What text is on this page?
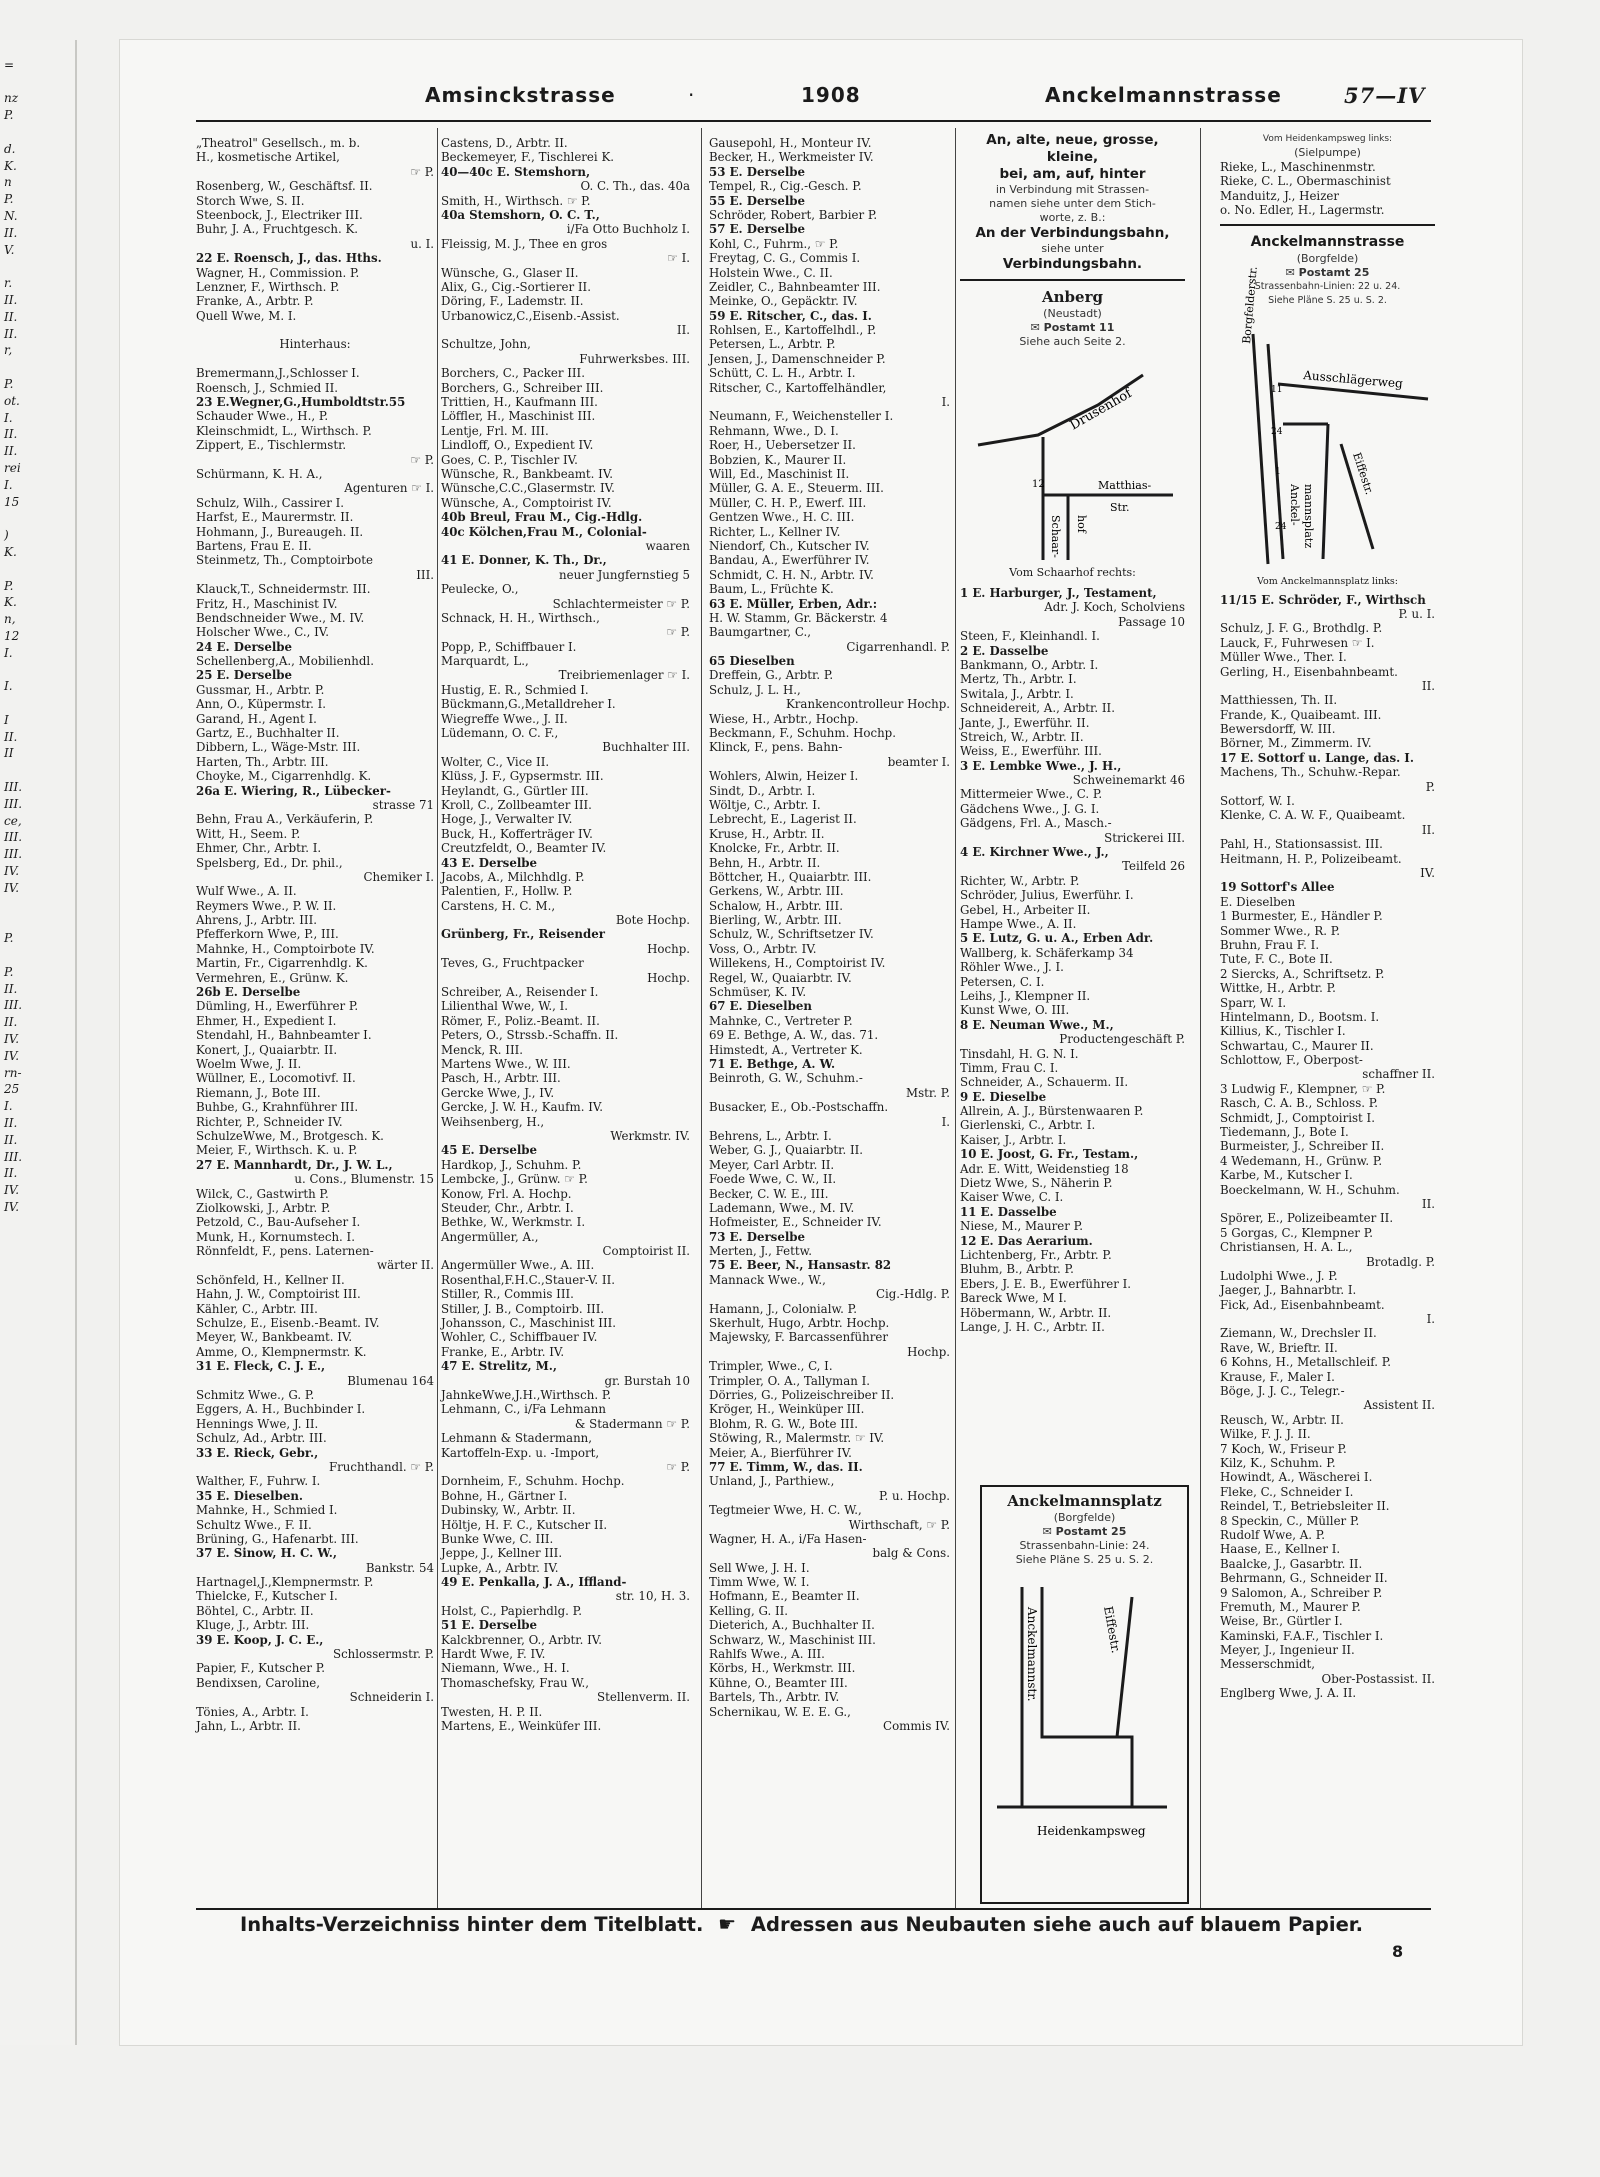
=
nz
P.
d.
K.
n
P.
N.
II.
V.
r.
II.
II.
II.
r,
P.
ot.
I.
II.
II.
rei
I.
15
)
K.
P.
K.
n,
12
I.
I.
I
II.
II
III.
III.
ce,
III.
III.
IV.
IV.
P.
P.
II.
III.
II.
IV.
IV.
rn-
25
I.
II.
II.
III.
II.
IV.
IV.
Amsinckstrasse	·	1908	Anckelmannstrasse	57—IV
„Theatrol" Gesellsch., m. b.
H., kosmetische Artikel,
☞ P.
Rosenberg, W., Geschäftsf. II.
Storch Wwe, S. II.
Steenbock, J., Electriker III.
Buhr, J. A., Fruchtgesch. K.
u. I.
22 E. Roensch, J., das. Hths.
Wagner, H., Commission. P.
Lenzner, F., Wirthsch. P.
Franke, A., Arbtr. P.
Quell Wwe, M. I.
Hinterhaus:
Bremermann,J.,Schlosser I.
Roensch, J., Schmied II.
23 E.Wegner,G.,Humboldtstr.55
Schauder Wwe., H., P.
Kleinschmidt, L., Wirthsch. P.
Zippert, E., Tischlermstr.
☞ P.
Schürmann, K. H. A.,
Agenturen ☞ I.
Schulz, Wilh., Cassirer I.
Harfst, E., Maurermstr. II.
Hohmann, J., Bureaugeh. II.
Bartens, Frau E. II.
Steinmetz, Th., Comptoirbote
III.
Klauck,T., Schneidermstr. III.
Fritz, H., Maschinist IV.
Bendschneider Wwe., M. IV.
Holscher Wwe., C., IV.
24 E. Derselbe
Schellenberg,A., Mobilienhdl.
25 E. Derselbe
Gussmar, H., Arbtr. P.
Ann, O., Küpermstr. I.
Garand, H., Agent I.
Gartz, E., Buchhalter II.
Dibbern, L., Wäge-Mstr. III.
Harten, Th., Arbtr. III.
Choyke, M., Cigarrenhdlg. K.
26a E. Wiering, R., Lübecker-
strasse 71
Behn, Frau A., Verkäuferin, P.
Witt, H., Seem. P.
Ehmer, Chr., Arbtr. I.
Spelsberg, Ed., Dr. phil.,
Chemiker I.
Wulf Wwe., A. II.
Reymers Wwe., P. W. II.
Ahrens, J., Arbtr. III.
Pfefferkorn Wwe, P., III.
Mahnke, H., Comptoirbote IV.
Martin, Fr., Cigarrenhdlg. K.
Vermehren, E., Grünw. K.
26b E. Derselbe
Dümling, H., Ewerführer P.
Ehmer, H., Expedient I.
Stendahl, H., Bahnbeamter I.
Konert, J., Quaiarbtr. II.
Woelm Wwe, J. II.
Wüllner, E., Locomotivf. II.
Riemann, J., Bote III.
Buhbe, G., Krahnführer III.
Richter, P., Schneider IV.
SchulzeWwe, M., Brotgesch. K.
Meier, F., Wirthsch. K. u. P.
27 E. Mannhardt, Dr., J. W. L.,
u. Cons., Blumenstr. 15
Wilck, C., Gastwirth P.
Ziolkowski, J., Arbtr. P.
Petzold, C., Bau-Aufseher I.
Munk, H., Kornumstech. I.
Rönnfeldt, F., pens. Laternen-
wärter II.
Schönfeld, H., Kellner II.
Hahn, J. W., Comptoirist III.
Kähler, C., Arbtr. III.
Schulze, E., Eisenb.-Beamt. IV.
Meyer, W., Bankbeamt. IV.
Amme, O., Klempnermstr. K.
31 E. Fleck, C. J. E.,
Blumenau 164
Schmitz Wwe., G. P.
Eggers, A. H., Buchbinder I.
Hennings Wwe, J. II.
Schulz, Ad., Arbtr. III.
33 E. Rieck, Gebr.,
Fruchthandl. ☞ P.
Walther, F., Fuhrw. I.
35 E. Dieselben.
Mahnke, H., Schmied I.
Schultz Wwe., F. II.
Brüning, G., Hafenarbt. III.
37 E. Sinow, H. C. W.,
Bankstr. 54
Hartnagel,J.,Klempnermstr. P.
Thielcke, F., Kutscher I.
Böhtel, C., Arbtr. II.
Kluge, J., Arbtr. III.
39 E. Koop, J. C. E.,
Schlossermstr. P.
Papier, F., Kutscher P.
Bendixsen, Caroline,
Schneiderin I.
Tönies, A., Arbtr. I.
Jahn, L., Arbtr. II.
Castens, D., Arbtr. II.
Beckemeyer, F., Tischlerei K.
40—40c E. Stemshorn,
O. C. Th., das. 40a
Smith, H., Wirthsch. ☞ P.
40a Stemshorn, O. C. T.,
i/Fa Otto Buchholz I.
Fleissig, M. J., Thee en gros
☞ I.
Wünsche, G., Glaser II.
Alix, G., Cig.-Sortierer II.
Döring, F., Lademstr. II.
Urbanowicz,C.,Eisenb.-Assist.
II.
Schultze, John,
Fuhrwerksbes. III.
Borchers, C., Packer III.
Borchers, G., Schreiber III.
Trittien, H., Kaufmann III.
Löffler, H., Maschinist III.
Lentje, Frl. M. III.
Lindloff, O., Expedient IV.
Goes, C. P., Tischler IV.
Wünsche, R., Bankbeamt. IV.
Wünsche,C.C.,Glasermstr. IV.
Wünsche, A., Comptoirist IV.
40b Breul, Frau M., Cig.-Hdlg.
40c Kölchen,Frau M., Colonial-
waaren
41 E. Donner, K. Th., Dr.,
neuer Jungfernstieg 5
Peulecke, O.,
Schlachtermeister ☞ P.
Schnack, H. H., Wirthsch.,
☞ P.
Popp, P., Schiffbauer I.
Marquardt, L.,
Treibriemenlager ☞ I.
Hustig, E. R., Schmied I.
Bückmann,G.,Metalldreher I.
Wiegreffe Wwe., J. II.
Lüdemann, O. C. F.,
Buchhalter III.
Wolter, C., Vice II.
Klüss, J. F., Gypsermstr. III.
Heylandt, G., Gürtler III.
Kroll, C., Zollbeamter III.
Hoge, J., Verwalter IV.
Buck, H., Kofferträger IV.
Creutzfeldt, O., Beamter IV.
43 E. Derselbe
Jacobs, A., Milchhdlg. P.
Palentien, F., Hollw. P.
Carstens, H. C. M.,
Bote Hochp.
Grünberg, Fr., Reisender
Hochp.
Teves, G., Fruchtpacker
Hochp.
Schreiber, A., Reisender I.
Lilienthal Wwe, W., I.
Römer, F., Poliz.-Beamt. II.
Peters, O., Strssb.-Schaffn. II.
Menck, R. III.
Martens Wwe., W. III.
Pasch, H., Arbtr. III.
Gercke Wwe, J., IV.
Gercke, J. W. H., Kaufm. IV.
Weihsenberg, H.,
Werkmstr. IV.
45 E. Derselbe
Hardkop, J., Schuhm. P.
Lembcke, J., Grünw. ☞ P.
Konow, Frl. A. Hochp.
Steuder, Chr., Arbtr. I.
Bethke, W., Werkmstr. I.
Angermüller, A.,
Comptoirist II.
Angermüller Wwe., A. III.
Rosenthal,F.H.C.,Stauer-V. II.
Stiller, R., Commis III.
Stiller, J. B., Comptoirb. III.
Johansson, C., Maschinist III.
Wohler, C., Schiffbauer IV.
Franke, E., Arbtr. IV.
47 E. Strelitz, M.,
gr. Burstah 10
JahnkeWwe,J.H.,Wirthsch. P.
Lehmann, C., i/Fa Lehmann
& Stadermann ☞ P.
Lehmann & Stadermann,
Kartoffeln-Exp. u. -Import,
☞ P.
Dornheim, F., Schuhm. Hochp.
Bohne, H., Gärtner I.
Dubinsky, W., Arbtr. II.
Höltje, H. F. C., Kutscher II.
Bunke Wwe, C. III.
Jeppe, J., Kellner III.
Lupke, A., Arbtr. IV.
49 E. Penkalla, J. A., Iffland-
str. 10, H. 3.
Holst, C., Papierhdlg. P.
51 E. Derselbe
Kalckbrenner, O., Arbtr. IV.
Hardt Wwe, F. IV.
Niemann, Wwe., H. I.
Thomaschefsky, Frau W.,
Stellenverm. II.
Twesten, H. P. II.
Martens, E., Weinküfer III.
Gausepohl, H., Monteur IV.
Becker, H., Werkmeister IV.
53 E. Derselbe
Tempel, R., Cig.-Gesch. P.
55 E. Derselbe
Schröder, Robert, Barbier P.
57 E. Derselbe
Kohl, C., Fuhrm., ☞ P.
Freytag, C. G., Commis I.
Holstein Wwe., C. II.
Zeidler, C., Bahnbeamter III.
Meinke, O., Gepäcktr. IV.
59 E. Ritscher, C., das. I.
Rohlsen, E., Kartoffelhdl., P.
Petersen, L., Arbtr. P.
Jensen, J., Damenschneider P.
Schütt, C. L. H., Arbtr. I.
Ritscher, C., Kartoffelhändler,
I.
Neumann, F., Weichensteller I.
Rehmann, Wwe., D. I.
Roer, H., Uebersetzer II.
Bobzien, K., Maurer II.
Will, Ed., Maschinist II.
Müller, G. A. E., Steuerm. III.
Müller, C. H. P., Ewerf. III.
Gentzen Wwe., H. C. III.
Richter, L., Kellner IV.
Niendorf, Ch., Kutscher IV.
Bandau, A., Ewerführer IV.
Schmidt, C. H. N., Arbtr. IV.
Baum, L., Früchte K.
63 E. Müller, Erben, Adr.:
H. W. Stamm, Gr. Bäckerstr. 4
Baumgartner, C.,
Cigarrenhandl. P.
65 Dieselben
Dreffein, G., Arbtr. P.
Schulz, J. L. H.,
Krankencontrolleur Hochp.
Wiese, H., Arbtr., Hochp.
Beckmann, F., Schuhm. Hochp.
Klinck, F., pens. Bahn-
beamter I.
Wohlers, Alwin, Heizer I.
Sindt, D., Arbtr. I.
Wöltje, C., Arbtr. I.
Lebrecht, E., Lagerist II.
Kruse, H., Arbtr. II.
Knolcke, Fr., Arbtr. II.
Behn, H., Arbtr. II.
Böttcher, H., Quaiarbtr. III.
Gerkens, W., Arbtr. III.
Schalow, H., Arbtr. III.
Bierling, W., Arbtr. III.
Schulz, W., Schriftsetzer IV.
Voss, O., Arbtr. IV.
Willekens, H., Comptoirist IV.
Regel, W., Quaiarbtr. IV.
Schmüser, K. IV.
67 E. Dieselben
Mahnke, C., Vertreter P.
69 E. Bethge, A. W., das. 71.
Himstedt, A., Vertreter K.
71 E. Bethge, A. W.
Beinroth, G. W., Schuhm.-
Mstr. P.
Busacker, E., Ob.-Postschaffn.
I.
Behrens, L., Arbtr. I.
Weber, G. J., Quaiarbtr. II.
Meyer, Carl Arbtr. II.
Foede Wwe, C. W., II.
Becker, C. W. E., III.
Lademann, Wwe., M. IV.
Hofmeister, E., Schneider IV.
73 E. Derselbe
Merten, J., Fettw.
75 E. Beer, N., Hansastr. 82
Mannack Wwe., W.,
Cig.-Hdlg. P.
Hamann, J., Colonialw. P.
Skerhult, Hugo, Arbtr. Hochp.
Majewsky, F. Barcassenführer
Hochp.
Trimpler, Wwe., C, I.
Trimpler, O. A., Tallyman I.
Dörries, G., Polizeischreiber II.
Kröger, H., Weinküper III.
Blohm, R. G. W., Bote III.
Stöwing, R., Malermstr. ☞ IV.
Meier, A., Bierführer IV.
77 E. Timm, W., das. II.
Unland, J., Parthiew.,
P. u. Hochp.
Tegtmeier Wwe, H. C. W.,
Wirthschaft, ☞ P.
Wagner, H. A., i/Fa Hasen-
balg & Cons.
Sell Wwe, J. H. I.
Timm Wwe, W. I.
Hofmann, E., Beamter II.
Kelling, G. II.
Dieterich, A., Buchhalter II.
Schwarz, W., Maschinist III.
Rahlfs Wwe., A. III.
Körbs, H., Werkmstr. III.
Kühne, O., Beamter III.
Bartels, Th., Arbtr. IV.
Schernikau, W. E. E. G.,
Commis IV.
An, alte, neue, grosse, kleine,
bei, am, auf, hinter
in Verbindung mit Strassen-
namen siehe unter dem Stich-
worte, z. B.:
An der Verbindungsbahn,
siehe unter
Verbindungsbahn.
Anberg
(Neustadt)
✉ Postamt 11
Siehe auch Seite 2.
Drusenhof
Matthias-
Str.
Schaar- hof
12
Vom Schaarhof rechts:
1 E. Harburger, J., Testament,
Adr. J. Koch, Scholviens
Passage 10
Steen, F., Kleinhandl. I.
2 E. Dasselbe
Bankmann, O., Arbtr. I.
Mertz, Th., Arbtr. I.
Switala, J., Arbtr. I.
Schneidereit, A., Arbtr. II.
Jante, J., Ewerführ. II.
Streich, W., Arbtr. II.
Weiss, E., Ewerführ. III.
3 E. Lembke Wwe., J. H.,
Schweinemarkt 46
Mittermeier Wwe., C. P.
Gädchens Wwe., J. G. I.
Gädgens, Frl. A., Masch.-
Strickerei III.
4 E. Kirchner Wwe., J.,
Teilfeld 26
Richter, W., Arbtr. P.
Schröder, Julius, Ewerführ. I.
Gebel, H., Arbeiter II.
Hampe Wwe., A. II.
5 E. Lutz, G. u. A., Erben Adr.
Wallberg, k. Schäferkamp 34
Röhler Wwe., J. I.
Petersen, C. I.
Leihs, J., Klempner II.
Kunst Wwe, O. III.
8 E. Neuman Wwe., M.,
Productengeschäft P.
Tinsdahl, H. G. N. I.
Timm, Frau C. I.
Schneider, A., Schauerm. II.
9 E. Dieselbe
Allrein, A. J., Bürstenwaaren P.
Gierlenski, C., Arbtr. I.
Kaiser, J., Arbtr. I.
10 E. Joost, G. Fr., Testam.,
Adr. E. Witt, Weidenstieg 18
Dietz Wwe, S., Näherin P.
Kaiser Wwe, C. I.
11 E. Dasselbe
Niese, M., Maurer P.
12 E. Das Aerarium.
Lichtenberg, Fr., Arbtr. P.
Bluhm, B., Arbtr. P.
Ebers, J. E. B., Ewerführer I.
Bareck Wwe, M I.
Höbermann, W., Arbtr. II.
Lange, J. H. C., Arbtr. II.
Anckelmannsplatz
(Borgfelde)
✉ Postamt 25
Strassenbahn-Linie: 24.
Siehe Pläne S. 25 u. S. 2.
Anckelmannstr.	Eiffestr.
Heidenkampsweg
Vom Heidenkampsweg links:
(Sielpumpe)
Rieke, L., Maschinenmstr.
Rieke, C. L., Obermaschinist
Manduitz, J., Heizer
o. No. Edler, H., Lagermstr.
Anckelmannstrasse
(Borgfelde)
✉ Postamt 25
Strassenbahn-Linien: 22 u. 24.
Siehe Pläne S. 25 u. S. 2.
Borgfelderstr.
Ausschlägerweg
Eiffestr.
Anckel- mannsplatz
11
24
1
24
Vom Anckelmannsplatz links:
11/15 E. Schröder, F., Wirthsch
P. u. I.
Schulz, J. F. G., Brothdlg. P.
Lauck, F., Fuhrwesen ☞ I.
Müller Wwe., Ther. I.
Gerling, H., Eisenbahnbeamt.
II.
Matthiessen, Th. II.
Frande, K., Quaibeamt. III.
Bewersdorff, W. III.
Börner, M., Zimmerm. IV.
17 E. Sottorf u. Lange, das. I.
Machens, Th., Schuhw.-Repar.
P.
Sottorf, W. I.
Klenke, C. A. W. F., Quaibeamt.
II.
Pahl, H., Stationsassist. III.
Heitmann, H. P., Polizeibeamt.
IV.
19 Sottorf's Allee
E. Dieselben
1 Burmester, E., Händler P.
Sommer Wwe., R. P.
Bruhn, Frau F. I.
Tute, F. C., Bote II.
2 Siercks, A., Schriftsetz. P.
Wittke, H., Arbtr. P.
Sparr, W. I.
Hintelmann, D., Bootsm. I.
Killius, K., Tischler I.
Schwartau, C., Maurer II.
Schlottow, F., Oberpost-
schaffner II.
3 Ludwig F., Klempner, ☞ P.
Rasch, C. A. B., Schloss. P.
Schmidt, J., Comptoirist I.
Tiedemann, J., Bote I.
Burmeister, J., Schreiber II.
4 Wedemann, H., Grünw. P.
Karbe, M., Kutscher I.
Boeckelmann, W. H., Schuhm.
II.
Spörer, E., Polizeibeamter II.
5 Gorgas, C., Klempner P.
Christiansen, H. A. L.,
Brotadlg. P.
Ludolphi Wwe., J. P.
Jaeger, J., Bahnarbtr. I.
Fick, Ad., Eisenbahnbeamt.
I.
Ziemann, W., Drechsler II.
Rave, W., Brieftr. II.
6 Kohns, H., Metallschleif. P.
Krause, F., Maler I.
Böge, J. J. C., Telegr.-
Assistent II.
Reusch, W., Arbtr. II.
Wilke, F. J. J. II.
7 Koch, W., Friseur P.
Kilz, K., Schuhm. P.
Howindt, A., Wäscherei I.
Fleke, C., Schneider I.
Reindel, T., Betriebsleiter II.
8 Speckin, C., Müller P.
Rudolf Wwe, A. P.
Haase, E., Kellner I.
Baalcke, J., Gasarbtr. II.
Behrmann, G., Schneider II.
9 Salomon, A., Schreiber P.
Fremuth, M., Maurer P.
Weise, Br., Gürtler I.
Kaminski, F.A.F., Tischler I.
Meyer, J., Ingenieur II.
Messerschmidt,
Ober-Postassist. II.
Englberg Wwe, J. A. II.
Inhalts-Verzeichniss hinter dem Titelblatt. ☛ Adressen aus Neubauten siehe auch auf blauem Papier.
8
